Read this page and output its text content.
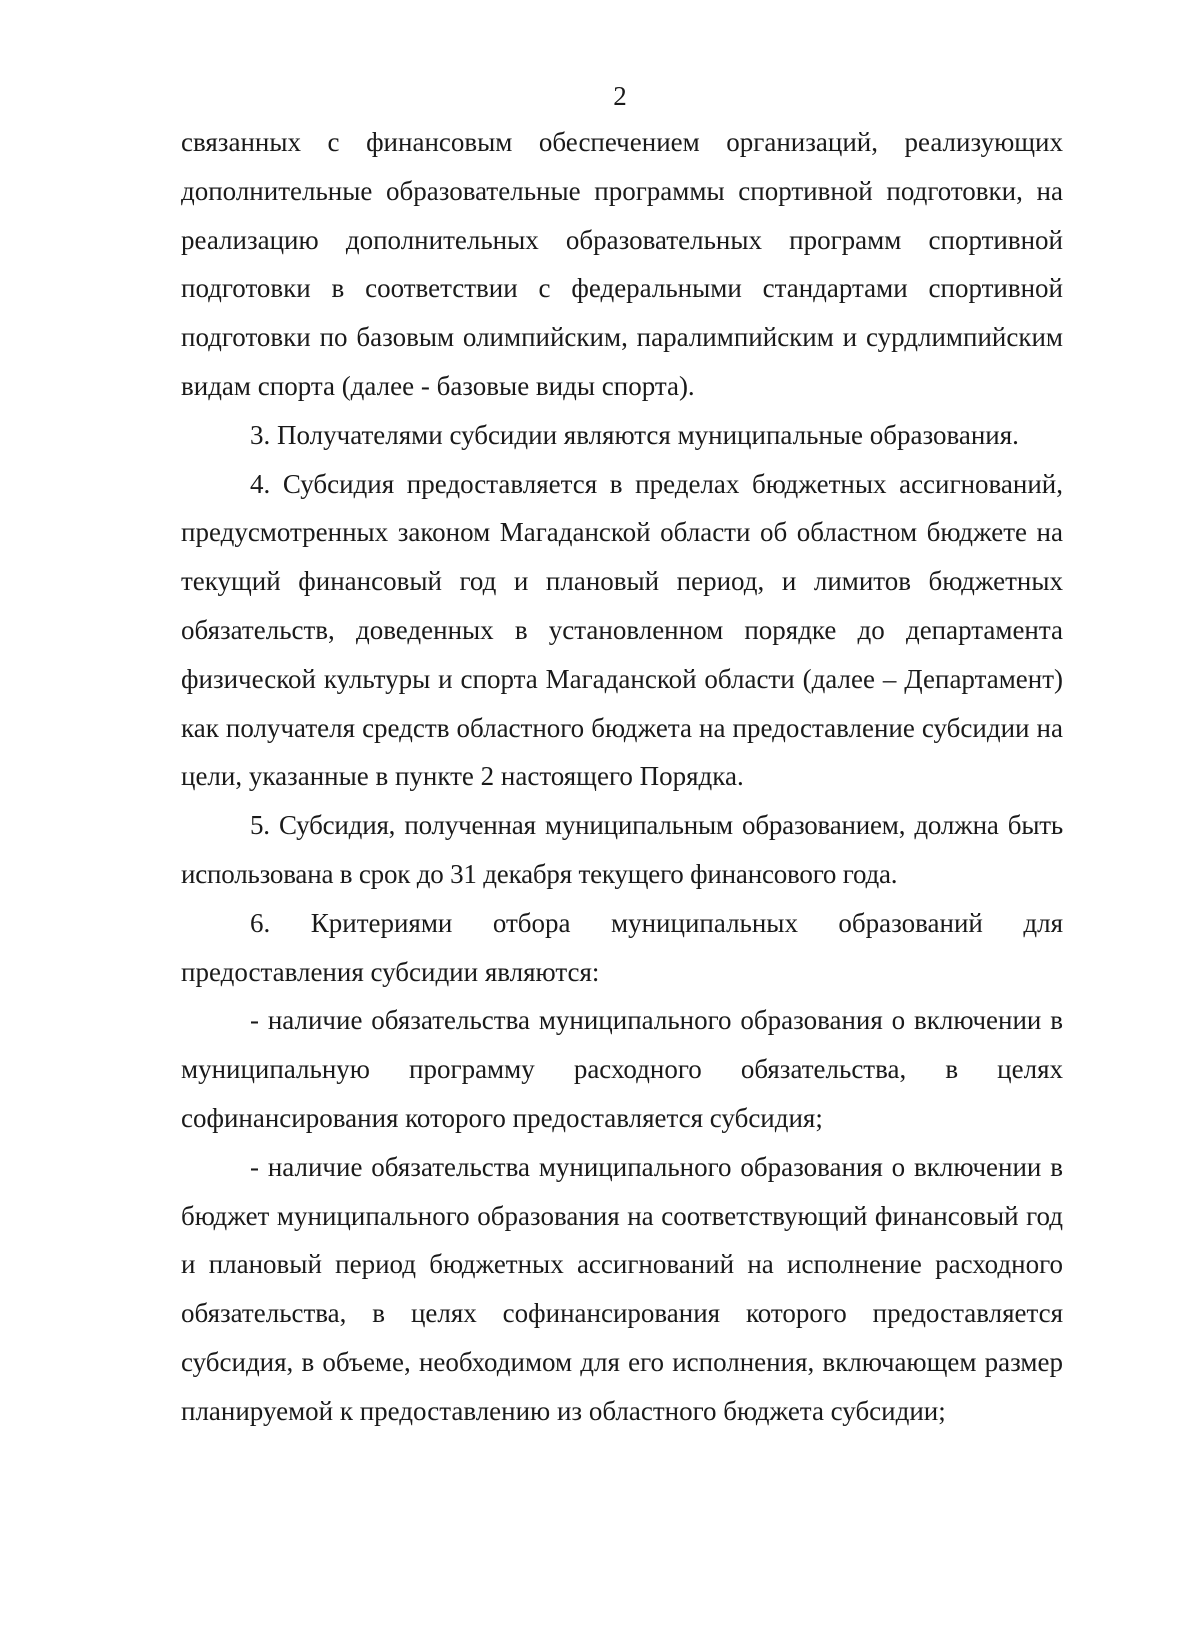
2

связанных с финансовым обеспечением организаций, реализующих дополнительные образовательные программы спортивной подготовки, на реализацию дополнительных образовательных программ спортивной подготовки в соответствии с федеральными стандартами спортивной подготовки по базовым олимпийским, паралимпийским и сурдлимпийским видам спорта (далее - базовые виды спорта).

3. Получателями субсидии являются муниципальные образования.

4. Субсидия предоставляется в пределах бюджетных ассигнований, предусмотренных законом Магаданской области об областном бюджете на текущий финансовый год и плановый период, и лимитов бюджетных обязательств, доведенных в установленном порядке до департамента физической культуры и спорта Магаданской области (далее – Департамент) как получателя средств областного бюджета на предоставление субсидии на цели, указанные в пункте 2 настоящего Порядка.

5. Субсидия, полученная муниципальным образованием, должна быть использована в срок до 31 декабря текущего финансового года.

6. Критериями отбора муниципальных образований для предоставления субсидии являются:

- наличие обязательства муниципального образования о включении в муниципальную программу расходного обязательства, в целях софинансирования которого предоставляется субсидия;

- наличие обязательства муниципального образования о включении в бюджет муниципального образования на соответствующий финансовый год и плановый период бюджетных ассигнований на исполнение расходного обязательства, в целях софинансирования которого предоставляется субсидия, в объеме, необходимом для его исполнения, включающем размер планируемой к предоставлению из областного бюджета субсидии;
